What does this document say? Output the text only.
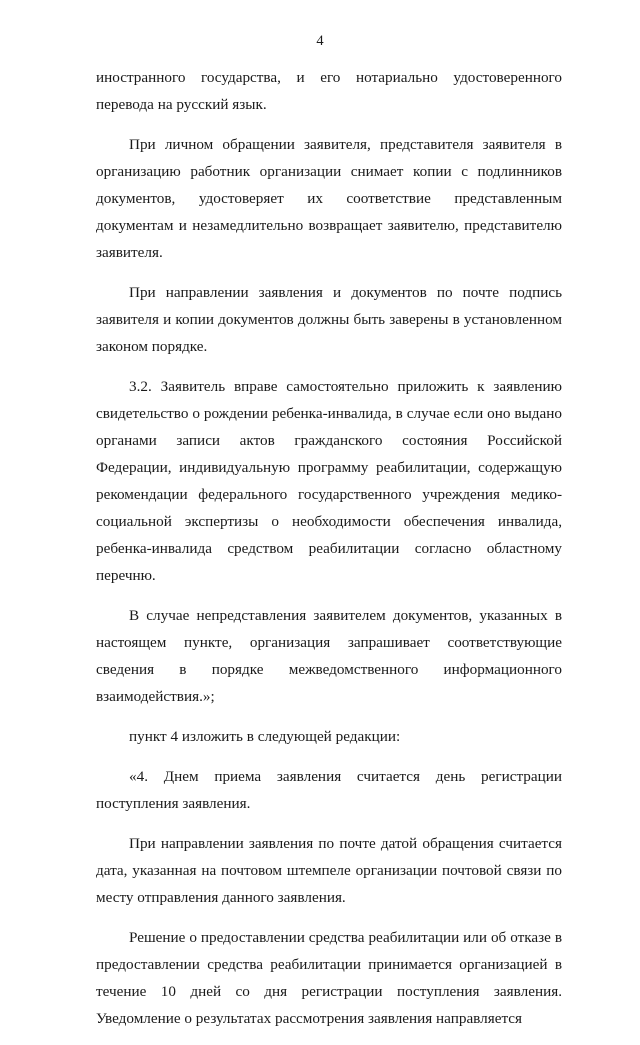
4

иностранного государства, и его нотариально удостоверенного перевода на русский язык.

При личном обращении заявителя, представителя заявителя в организацию работник организации снимает копии с подлинников документов, удостоверяет их соответствие представленным документам и незамедлительно возвращает заявителю, представителю заявителя.

При направлении заявления и документов по почте подпись заявителя и копии документов должны быть заверены в установленном законом порядке.

3.2. Заявитель вправе самостоятельно приложить к заявлению свидетельство о рождении ребенка-инвалида, в случае если оно выдано органами записи актов гражданского состояния Российской Федерации, индивидуальную программу реабилитации, содержащую рекомендации федерального государственного учреждения медико-социальной экспертизы о необходимости обеспечения инвалида, ребенка-инвалида средством реабилитации согласно областному перечню.

В случае непредставления заявителем документов, указанных в настоящем пункте, организация запрашивает соответствующие сведения в порядке межведомственного информационного взаимодействия.»;

пункт 4 изложить в следующей редакции:

«4. Днем приема заявления считается день регистрации поступления заявления.

При направлении заявления по почте датой обращения считается дата, указанная на почтовом штемпеле организации почтовой связи по месту отправления данного заявления.

Решение о предоставлении средства реабилитации или об отказе в предоставлении средства реабилитации принимается организацией в течение 10 дней со дня регистрации поступления заявления. Уведомление о результатах рассмотрения заявления направляется
